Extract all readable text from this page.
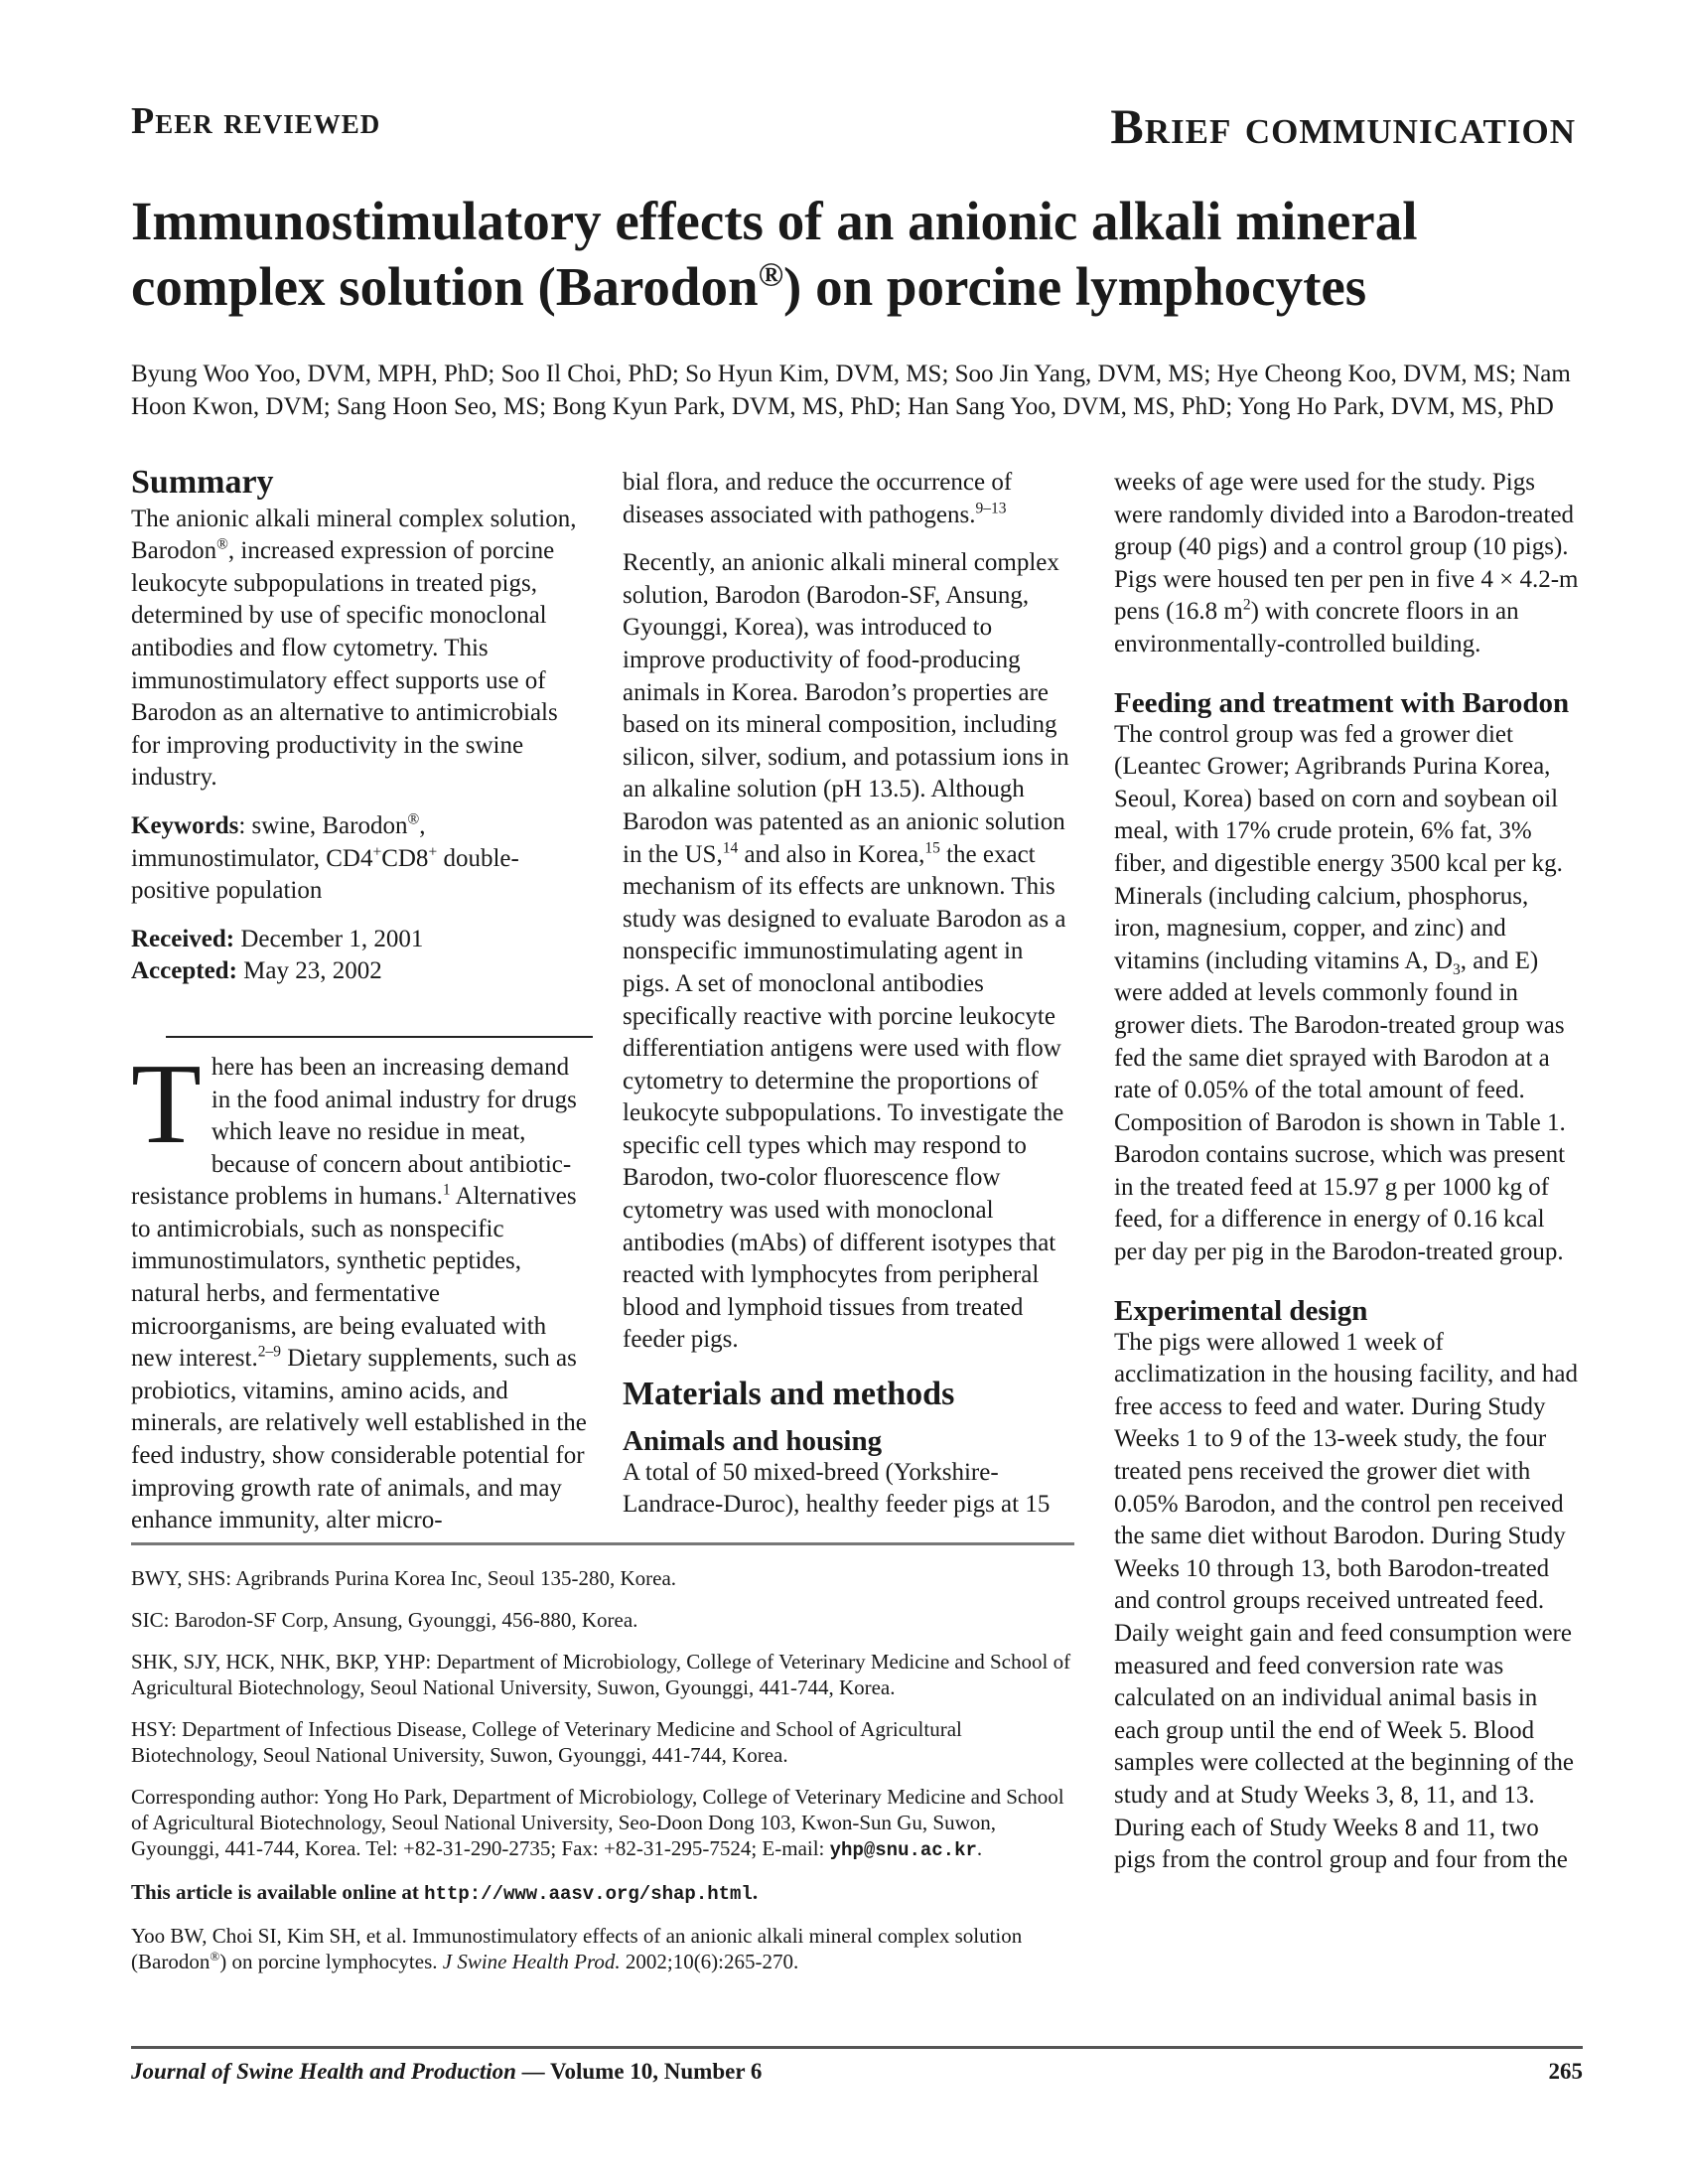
Peer reviewed	Brief communication
Immunostimulatory effects of an anionic alkali mineral
complex solution (Barodon®) on porcine lymphocytes
Byung Woo Yoo, DVM, MPH, PhD; Soo Il Choi, PhD; So Hyun Kim, DVM, MS; Soo Jin Yang, DVM, MS; Hye Cheong Koo, DVM, MS; Nam Hoon Kwon, DVM; Sang Hoon Seo, MS; Bong Kyun Park, DVM, MS, PhD; Han Sang Yoo, DVM, MS, PhD; Yong Ho Park, DVM, MS, PhD
Summary

The anionic alkali mineral complex solution, Barodon®, increased expression of porcine leukocyte subpopulations in treated pigs, determined by use of specific monoclonal antibodies and flow cytometry. This immunostimulatory effect supports use of Barodon as an alternative to antimicrobials for improving productivity in the swine industry.

Keywords: swine, Barodon®, immunostimulator, CD4+CD8+ double-positive population

Received: December 1, 2001

Accepted: May 23, 2002

There has been an increasing demand in the food animal industry for drugs which leave no residue in meat, because of concern about antibiotic-resistance problems in humans.$^1$ Alternatives to antimicrobials, such as nonspecific immunostimulators, synthetic peptides, natural herbs, and fermentative microorganisms, are being evaluated with new interest.$^{2-9}$ Dietary supplements, such as probiotics, vitamins, amino acids, and minerals, are relatively well established in the feed industry, show considerable potential for improving growth rate of animals, and may enhance immunity, alter micro-

bial flora, and reduce the occurrence of diseases associated with pathogens.$^{9-13}$

Recently, an anionic alkali mineral complex solution, Barodon (Barodon-SF, Ansung, Gyounggi, Korea), was introduced to improve productivity of food-producing animals in Korea. Barodon’s properties are based on its mineral composition, including silicon, silver, sodium, and potassium ions in an alkaline solution (pH 13.5). Although Barodon was patented as an anionic solution in the US,$^{14}$ and also in Korea,$^{15}$ the exact mechanism of its effects are unknown. This study was designed to evaluate Barodon as a nonspecific immunostimulating agent in pigs. A set of monoclonal antibodies specifically reactive with porcine leukocyte differentiation antigens were used with flow cytometry to determine the proportions of leukocyte subpopulations. To investigate the specific cell types which may respond to Barodon, two-color fluorescence flow cytometry was used with monoclonal antibodies (mAbs) of different isotypes that reacted with lymphocytes from peripheral blood and lymphoid tissues from treated feeder pigs.

Materials and methods
Animals and housing

A total of 50 mixed-breed (Yorkshire-Landrace-Duroc), healthy feeder pigs at 15

weeks of age were used for the study. Pigs were randomly divided into a Barodon-treated group (40 pigs) and a control group (10 pigs). Pigs were housed ten per pen in five 4 × 4.2-m pens (16.8 $m^2$) with concrete floors in an environmentally-controlled building.

Feeding and treatment with Barodon

The control group was fed a grower diet (Leantec Grower; Agribrands Purina Korea, Seoul, Korea) based on corn and soybean oil meal, with 17% crude protein, 6% fat, 3% fiber, and digestible energy 3500 kcal per kg. Minerals (including calcium, phosphorus, iron, magnesium, copper, and zinc) and vitamins (including vitamins A, $D_3$, and E) were added at levels commonly found in grower diets. The Barodon-treated group was fed the same diet sprayed with Barodon at a rate of 0.05% of the total amount of feed. Composition of Barodon is shown in Table 1. Barodon contains sucrose, which was present in the treated feed at 15.97 g per 1000 kg of feed, for a difference in energy of 0.16 kcal per day per pig in the Barodon-treated group.

Experimental design

The pigs were allowed 1 week of acclimatization in the housing facility, and had free access to feed and water. During Study Weeks 1 to 9 of the 13-week study, the four treated pens received the grower diet with 0.05% Barodon, and the control pen received the same diet without Barodon. During Study Weeks 10 through 13, both Barodon-treated and control groups received untreated feed. Daily weight gain and feed consumption were measured and feed conversion rate was calculated on an individual animal basis in each group until the end of Week 5. Blood samples were collected at the beginning of the study and at Study Weeks 3, 8, 11, and 13. During each of Study Weeks 8 and 11, two pigs from the control group and four from the

BWY, SHS: Agribrands Purina Korea Inc, Seoul 135-280, Korea.

SIC: Barodon-SF Corp, Ansung, Gyounggi, 456-880, Korea.

SHK, SJY, HCK, NHK, BKP, YHP: Department of Microbiology, College of Veterinary Medicine and School of Agricultural Biotechnology, Seoul National University, Suwon, Gyounggi, 441-744, Korea.

HSY: Department of Infectious Disease, College of Veterinary Medicine and School of Agricultural Biotechnology, Seoul National University, Suwon, Gyounggi, 441-744, Korea.

Corresponding author: Yong Ho Park, Department of Microbiology, College of Veterinary Medicine and School of Agricultural Biotechnology, Seoul National University, Seo-Doon Dong 103, Kwon-Sun Gu, Suwon, Gyounggi, 441-744, Korea. Tel: +82-31-290-2735; Fax: +82-31-295-7524; E-mail: yhp@snu.ac.kr.

This article is available online at http://www.aasv.org/shap.html.

Yoo BW, Choi SI, Kim SH, et al. Immunostimulatory effects of an anionic alkali mineral complex solution (Barodon®) on porcine lymphocytes. J Swine Health Prod. 2002;10(6):265-270.

Journal of Swine Health and Production — Volume 10, Number 6	265
